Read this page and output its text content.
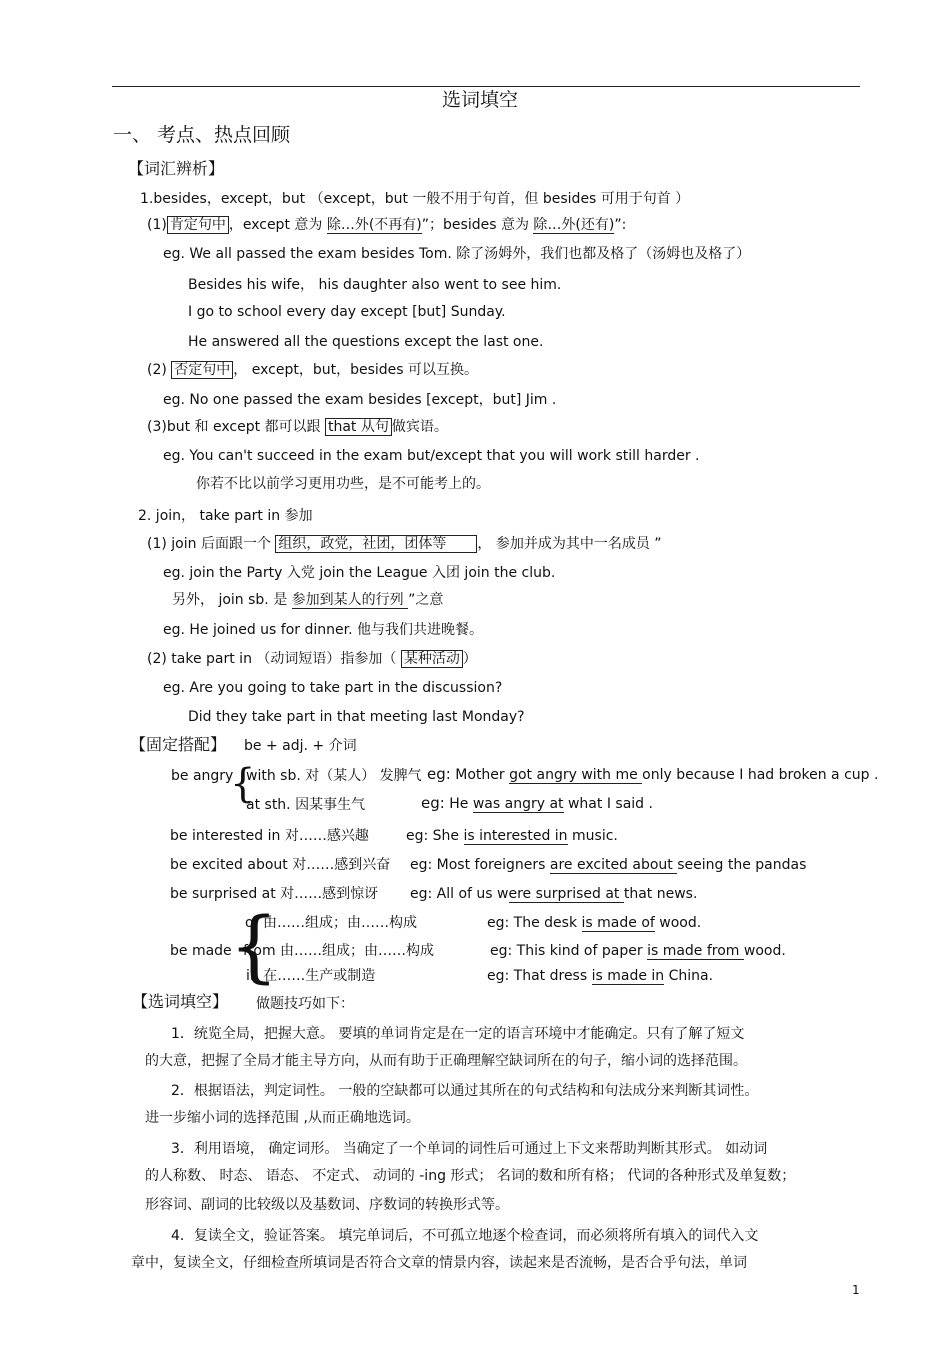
选词填空
一、 考点、热点回顾
【词汇辨析】
1.besides，except，but （except，but 一般不用于句首，但 besides 可用于句首 ）
(1) 肯定句中 ，except 意为 除…外(不再有)”；besides 意为 除…外(还有)”:
eg. We all passed the exam besides Tom. 除了汤姆外，我们也都及格了（汤姆也及格了）
Besides his wife， his daughter also went to see him.
I go to school every day except [but] Sunday.
He answered all the questions except the last one.
(2) 否定句中 ， except，but，besides 可以互换。
eg. No one passed the exam besides [except，but] Jim .
(3)but 和 except 都可以跟 that 从句 做宾语。
eg. You can't succeed in the exam but/except that you will work still harder .
你若不比以前学习更用功些，是不可能考上的。
2. join， take part in 参加
(1) join 后面跟一个 组织，政党，社团，团体等 ， 参加并成为其中一名成员 ”
eg. join the Party 入党 join the League 入团 join the club.
另外， join sb. 是 参加到某人的行列 ”之意
eg. He joined us for dinner. 他与我们共进晚餐。
(2) take part in （动词短语）指参加（ 某种活动 ）
eg. Are you going to take part in the discussion?
Did they take part in that meeting last Monday?
【固定搭配】 be + adj. + 介词
be angry
{
with sb. 对（某人） 发脾气 eg: Mother got angry with me only because I had broken a cup .
at sth. 因某事生气	eg: He was angry at what I said .
be interested in 对……感兴趣	eg: She is interested in music.
be excited about 对……感到兴奋 eg: Most foreigners are excited about seeing the pandas
be surprised at 对……感到惊讶 eg: All of us were surprised at that news.
be made
{
of 由……组成；由……构成	eg: The desk is made of wood.
from 由……组成；由……构成	eg: This kind of paper is made from wood.
in 在……生产或制造	eg: That dress is made in China.
【选词填空】 做题技巧如下：
1．统览全局，把握大意。 要填的单词肯定是在一定的语言环境中才能确定。只有了解了短文
的大意，把握了全局才能主导方向，从而有助于正确理解空缺词所在的句子，缩小词的选择范围。
2．根据语法，判定词性。 一般的空缺都可以通过其所在的句式结构和句法成分来判断其词性。
进一步缩小词的选择范围 ,从而正确地选词。
3．利用语境， 确定词形。 当确定了一个单词的词性后可通过上下文来帮助判断其形式。 如动词
的人称数、 时态、 语态、 不定式、 动词的 -ing 形式； 名词的数和所有格； 代词的各种形式及单复数；
形容词、副词的比较级以及基数词、序数词的转换形式等。
4．复读全文，验证答案。 填完单词后，不可孤立地逐个检查词，而必须将所有填入的词代入文
章中，复读全文，仔细检查所填词是否符合文章的情景内容，读起来是否流畅，是否合乎句法，单词
1
